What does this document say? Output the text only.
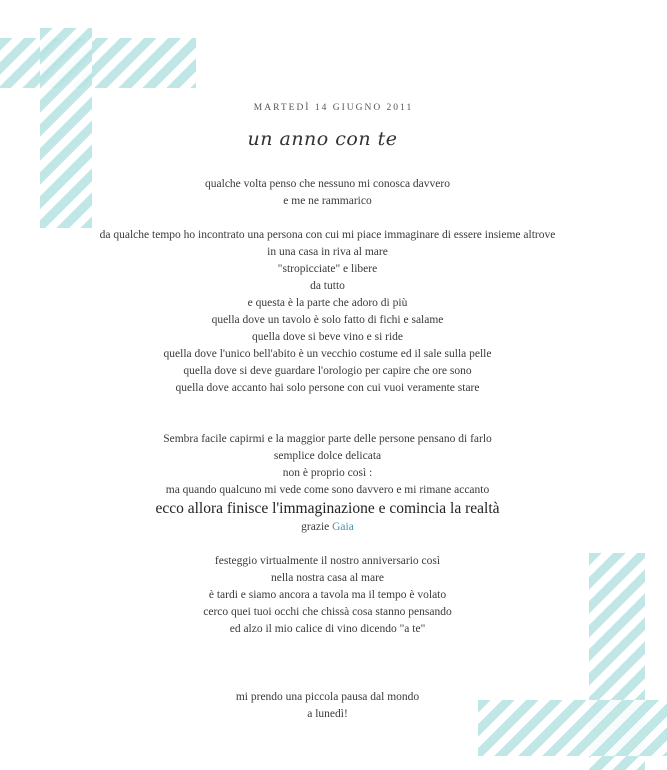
MARTEDÌ 14 GIUGNO 2011
un anno con te
qualche volta penso che nessuno mi conosca davvero
e me ne rammarico
da qualche tempo ho incontrato una persona con cui mi piace immaginare di essere insieme altrove
in una casa in riva al mare
"stropicciate" e libere
da tutto
e questa è la parte che adoro di più
quella dove un tavolo è solo fatto di fichi e salame
quella dove si beve vino e si ride
quella dove l'unico bell'abito è un vecchio costume ed il sale sulla pelle
quella dove si deve guardare l'orologio per capire che ore sono
quella dove accanto hai solo persone con cui vuoi veramente stare
Sembra facile capirmi e la maggior parte delle persone pensano di farlo
semplice dolce delicata
non è proprio così :
ma quando qualcuno mi vede come sono davvero e mi rimane accanto
ecco allora finisce l'immaginazione e comincia la realtà
grazie Gaia
festeggio virtualmente il nostro anniversario così
nella nostra casa al mare
è tardi e siamo ancora a tavola ma il tempo è volato
cerco quei tuoi occhi che chissà cosa stanno pensando
ed alzo il mio calice di vino dicendo "a te"
mi prendo una piccola pausa dal mondo
a lunedì!
